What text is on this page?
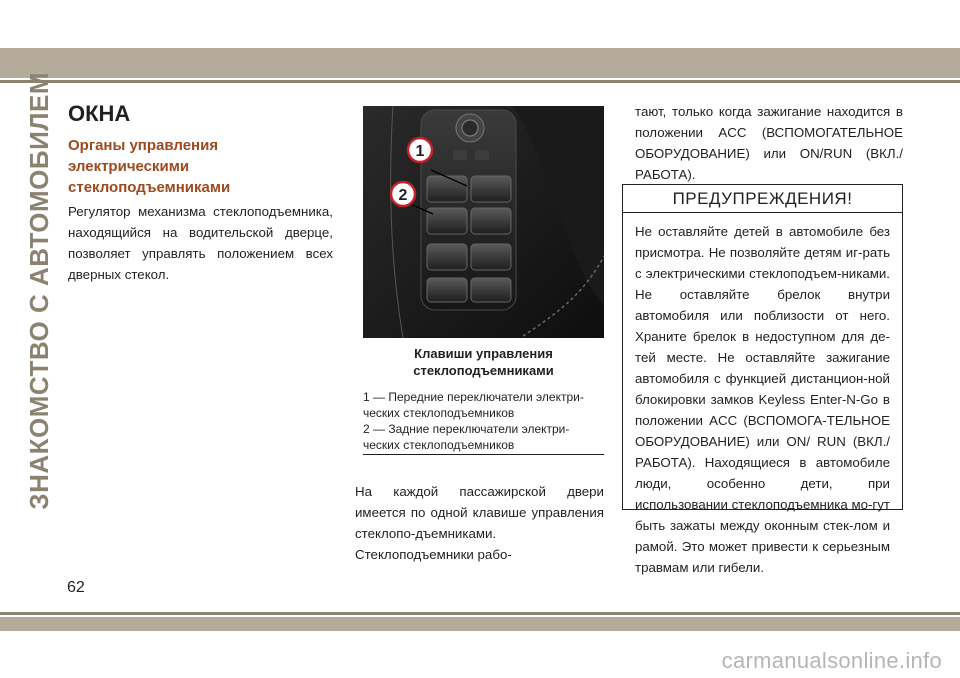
ЗНАКОМСТВО С АВТОМОБИЛЕМ ОКНА
Органы управления электрическими стеклоподъемниками

Регулятор механизма стеклоподъемника, находящийся на водительской дверце, позволяет управлять положением всех дверных стекол.

1
2

Клавиши управления стеклоподъемниками

1 — Передние переключатели электри-ческих стеклоподъемников

2 — Задние переключатели электри-ческих стеклоподъемников

На каждой пассажирской двери имеется по одной клавише управления стеклопо-дъемниками. Стеклоподъемники рабо-

тают, только когда зажигание находится в положении ACC (ВСПОМОГАТЕЛЬНОЕ ОБОРУДОВАНИЕ) или ON/RUN (ВКЛ./РАБОТА).

ПРЕДУПРЕЖДЕНИЯ!

Не оставляйте детей в автомобиле без присмотра. Не позволяйте детям иг-рать с электрическими стеклоподъем-никами. Не оставляйте брелок внутри автомобиля или поблизости от него. Храните брелок в недоступном для де-тей месте. Не оставляйте зажигание автомобиля с функцией дистанцион-ной блокировки замков Keyless Enter-N-Go в положении ACC (ВСПОМОГА-ТЕЛЬНОЕ ОБОРУДОВАНИЕ) или ON/ RUN (ВКЛ./РАБОТА). Находящиеся в автомобиле люди, особенно дети, при использовании стеклоподъемника мо-гут быть зажаты между оконным стек-лом и рамой. Это может привести к серьезным травмам или гибели.

62
carmanualsonline.info
